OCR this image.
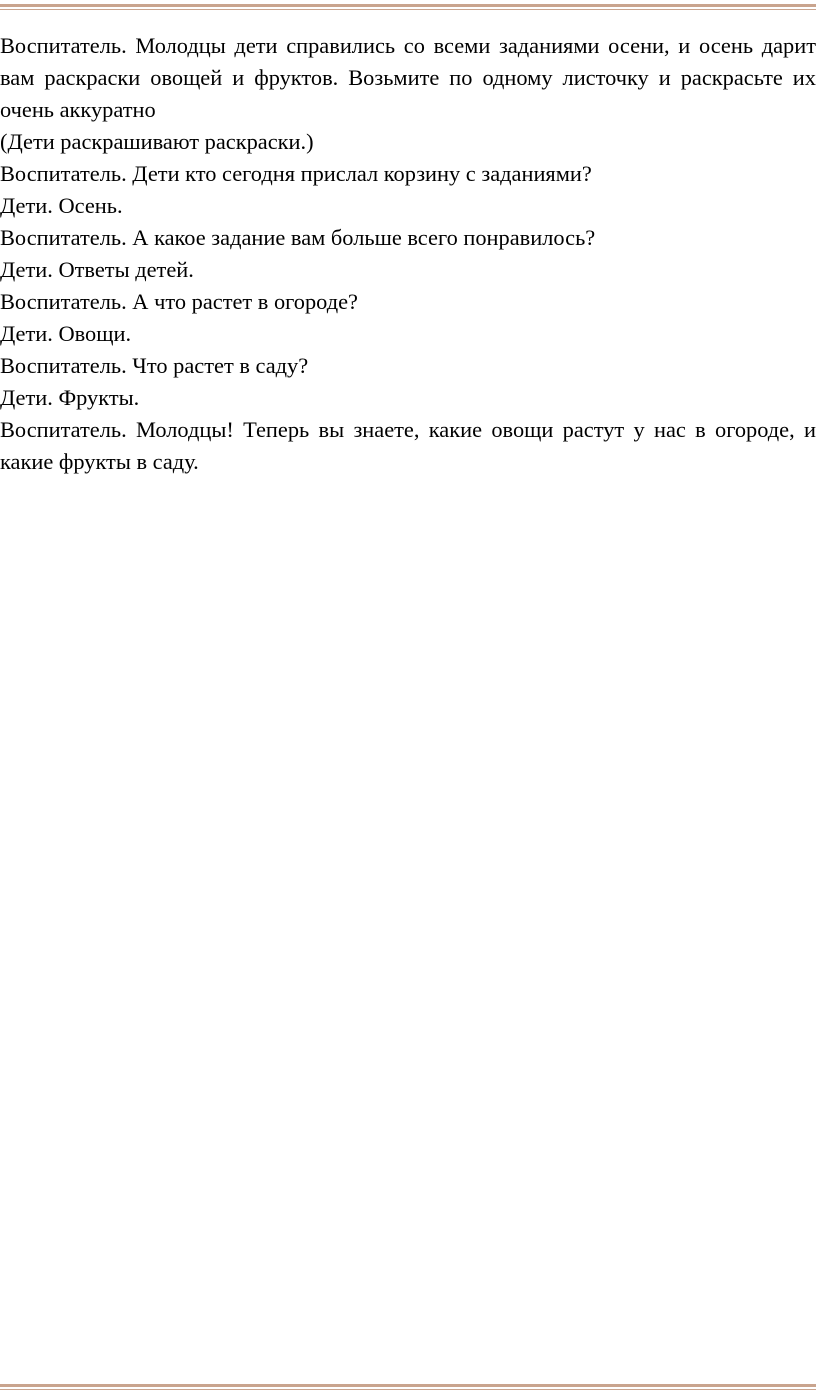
Воспитатель. Молодцы дети справились со всеми заданиями осени, и осень дарит вам раскраски овощей и фруктов. Возьмите по одному листочку и раскрасьте их очень аккуратно

(Дети раскрашивают раскраски.)

Воспитатель. Дети кто сегодня прислал корзину с заданиями?

Дети. Осень.

Воспитатель. А какое задание вам больше всего понравилось?

Дети. Ответы детей.

Воспитатель. А что растет в огороде?

Дети. Овощи.

Воспитатель. Что растет в саду?

Дети. Фрукты.

Воспитатель. Молодцы! Теперь вы знаете, какие овощи растут у нас в огороде, и какие фрукты в саду.
